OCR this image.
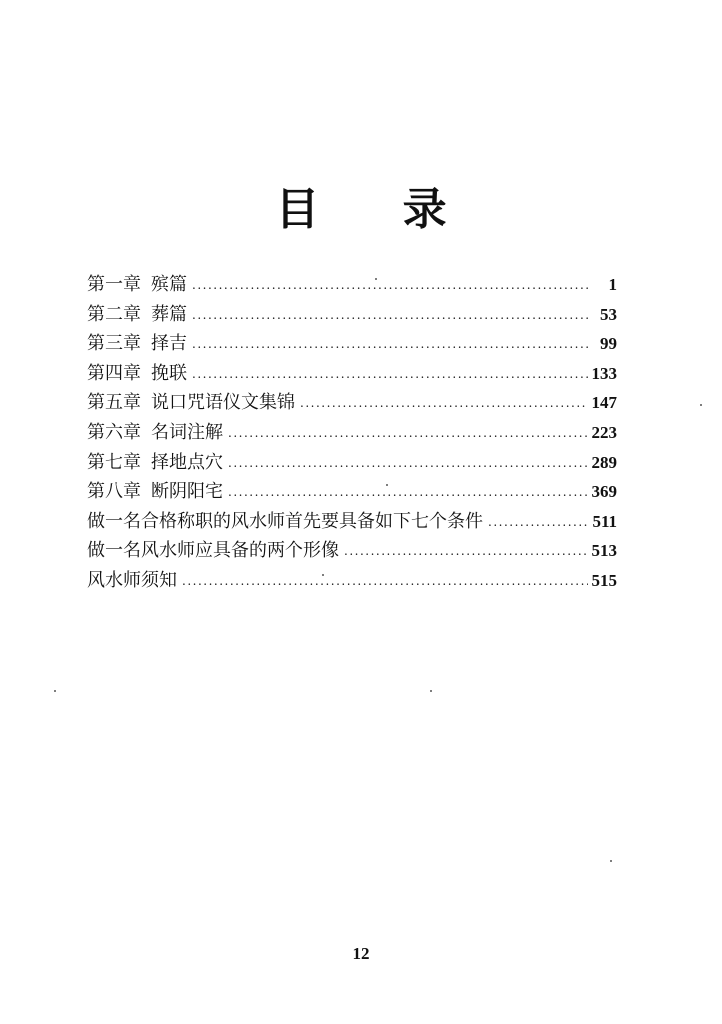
目 录
第一章 殡篇 .....	1
第二章 葬篇 .....	53
第三章 择吉 .....	99
第四章 挽联 .....	133
第五章 说口咒语仪文集锦 .....	147
第六章 名词注解 .....	223
第七章 择地点穴 .....	289
第八章 断阴阳宅 .....	369
做一名合格称职的风水师首先要具备如下七个条件 .....	511
做一名风水师应具备的两个形像 .....	513
风水师须知 .....	515
12
